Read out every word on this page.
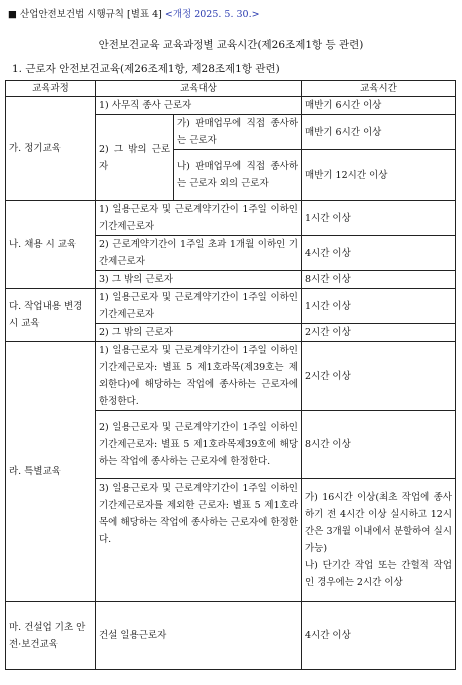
■ 산업안전보건법 시행규칙 [별표 4] <개정 2025. 5. 30.>
안전보건교육 교육과정별 교육시간(제26조제1항 등 관련)
1. 근로자 안전보건교육(제26조제1항, 제28조제1항 관련)
교육과정	교육대상		교육시간
가. 정기교육	1) 사무직 종사 근로자		매반기 6시간 이상
	2) 그 밖의 근로자	가) 판매업무에 직접 종사하는 근로자	매반기 6시간 이상
		나) 판매업무에 직접 종사하는 근로자 외의 근로자	매반기 12시간 이상
나. 채용 시 교육	1) 일용근로자 및 근로계약기간이 1주일 이하인 기간제근로자		1시간 이상
	2) 근로계약기간이 1주일 초과 1개월 이하인 기간제근로자		4시간 이상
	3) 그 밖의 근로자		8시간 이상
다. 작업내용 변경 시 교육	1) 일용근로자 및 근로계약기간이 1주일 이하인 기간제근로자		1시간 이상
	2) 그 밖의 근로자		2시간 이상
라. 특별교육	1) 일용근로자 및 근로계약기간이 1주일 이하인 기간제근로자: 별표 5 제1호라목(제39호는 제외한다)에 해당하는 작업에 종사하는 근로자에 한정한다.		2시간 이상
	2) 일용근로자 및 근로계약기간이 1주일 이하인 기간제근로자: 별표 5 제1호라목제39호에 해당하는 작업에 종사하는 근로자에 한정한다.		8시간 이상
	3) 일용근로자 및 근로계약기간이 1주일 이하인 기간제근로자를 제외한 근로자: 별표 5 제1호라목에 해당하는 작업에 종사하는 근로자에 한정한다.		가) 16시간 이상(최초 작업에 종사하기 전 4시간 이상 실시하고 12시간은 3개월 이내에서 분할하여 실시 가능)
나) 단기간 작업 또는 간헐적 작업인 경우에는 2시간 이상

마. 건설업 기초 안전·보건교육	건설 일용근로자		4시간 이상
